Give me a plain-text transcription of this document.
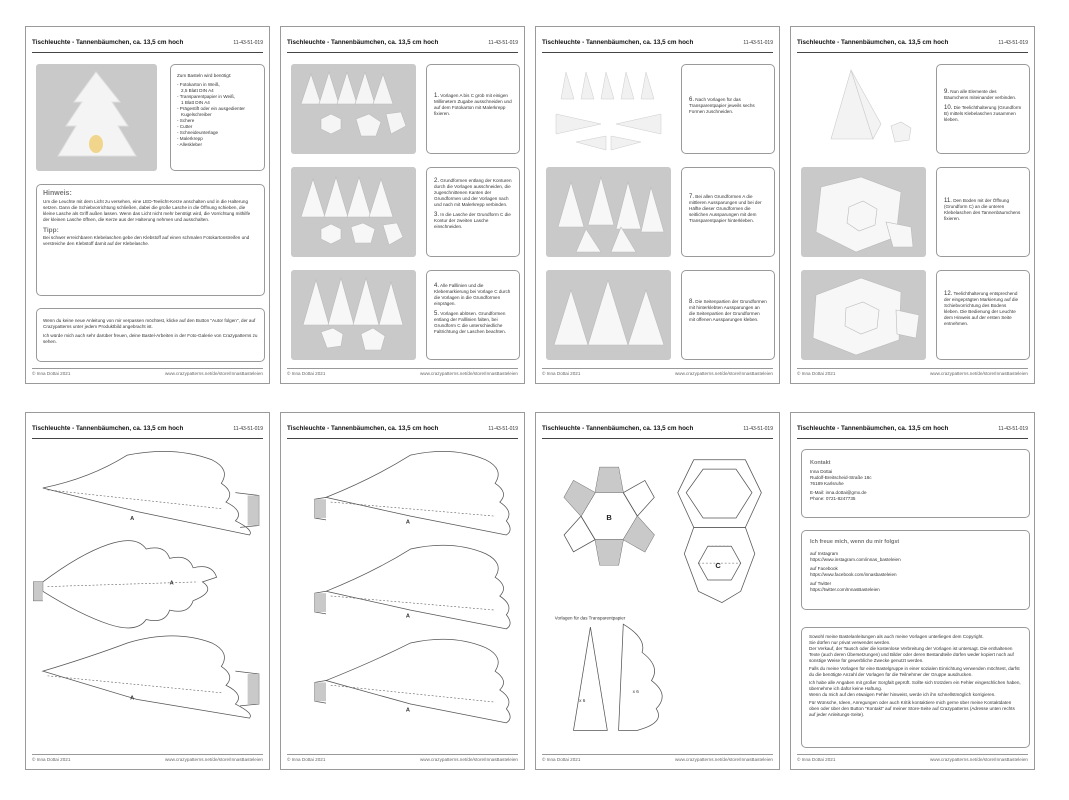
Tischleuchte - Tannenbäumchen, ca. 13,5 cm hoch	11-43-51-019
Zum Basteln wird benötigt:
- Fotokarton in Weiß,
2,5 Blatt DIN A4
- Transparentpapier in Weiß,
1 Blatt DIN A4
- Prägestift oder ein ausgedienter
Kugelschreiber
- Schere
- Cutter
- Schneideunterlage
- Malerkrepp
- Alleskleber
Hinweis:
Um die Leuchte mit dem Licht zu versehen, eine LED-Teelicht-Kerze anschalten und in die Halterung setzen. Dann die Schiebvorrichtung schließen, dabei die große Lasche in die Öffnung schieben, die kleine Lasche als Griff außen lassen. Wenn das Licht nicht mehr benötigt wird, die Vorrichtung mithilfe der kleinen Lasche öffnen, die Kerze aus der Halterung nehmen und ausschalten.
Tipp:
Bei schwer erreichbaren Klebelaschen gebe den Klebstoff auf einen schmalen Fotokartonstreifen und verstreiche den Klebstoff damit auf der Klebelasche.
Wenn du keine neue Anleitung von mir verpassen möchtest, klicke auf den Button "Autor folgen", der auf Crazypatterns unter jedem Produktbild angebracht ist.
Ich würde mich auch sehr darüber freuen, deine Bastel-Arbeiten in der Foto-Galerie von Crazypatterns zu sehen.
© Inna Dottai 2021	www.crazypatterns.net/de/store/InnasBasteleien
Tischleuchte - Tannenbäumchen, ca. 13,5 cm hoch	11-43-51-019
1. Vorlagen A bis C grob mit einigen Millimetern Zugabe ausschneiden und auf dem Fotokarton mit Malerkrepp fixieren.
2. Grundformen entlang der Konturen durch die Vorlagen ausschneiden, die zugeschnittenen Kanten der Grundformen und der Vorlagen nach und nach mit Malerkrepp verbinden.
3. In die Lasche der Grundform C die Kontur der zweiten Lasche einschneiden.
4. Alle Falllinien und die Klebemarkierung bei Vorlage C durch die Vorlagen in die Grundformen einprägen.
5. Vorlagen ablösen. Grundformen entlang der Falllinien falten, bei Grundform C die unterschiedliche Faltrichtung der Laschen beachten.
© Inna Dottai 2021	www.crazypatterns.net/de/store/InnasBasteleien
Tischleuchte - Tannenbäumchen, ca. 13,5 cm hoch	11-43-51-019
6. Nach Vorlagen für das Transparentpapier jeweils sechs Formen zuschneiden.
7. Bei allen Grundformen A die mittleren Aussparungen und bei der Hälfte dieser Grundformen die seitlichen Aussparungen mit dem Transparentpapier hinterkleben.
8. Die Seitenpartien der Grundformen mit hinterklebten Aussparungen an die Seitenpartien der Grundformen mit offenen Aussparungen kleben.
© Inna Dottai 2021	www.crazypatterns.net/de/store/InnasBasteleien
Tischleuchte - Tannenbäumchen, ca. 13,5 cm hoch	11-43-51-019
9. Nun alle Elemente des Bäumchens miteinander verbinden.
10. Die Teelichthalterung (Grundform B) mittels Klebelaschen zusammen kleben.
11. Den Boden mit der Öffnung (Grundform C) an die unteren Klebelaschen des Tannenbäumchens fixieren.
12. Teelichthalterung entsprechend der eingeprägten Markierung auf die Schiebvorrichtung des Bodens kleben. Die Bedienung der Leuchte dem Hinweis auf der ersten Seite entnehmen.
© Inna Dottai 2021	www.crazypatterns.net/de/store/InnasBasteleien
Tischleuchte - Tannenbäumchen, ca. 13,5 cm hoch	11-43-51-019
A
A
A
© Inna Dottai 2021	www.crazypatterns.net/de/store/InnasBasteleien
Tischleuchte - Tannenbäumchen, ca. 13,5 cm hoch	11-43-51-019
A
A
A
© Inna Dottai 2021	www.crazypatterns.net/de/store/InnasBasteleien
Tischleuchte - Tannenbäumchen, ca. 13,5 cm hoch	11-43-51-019
B
C
Vorlagen für das Transparentpapier
x 6
x 6
© Inna Dottai 2021	www.crazypatterns.net/de/store/InnasBasteleien
Tischleuchte - Tannenbäumchen, ca. 13,5 cm hoch	11-43-51-019
Kontakt
Inna Dottai
Rudolf-Breitscheid-Straße 18c
76189 Karlsruhe
E-Mail: inna.dottai@gmx.de
Phone: 0721-8247735
Ich freue mich, wenn du mir folgst
auf Instagram
https://www.instagram.com/innas_basteleien
auf Facebook
https://www.facebook.com/innasbasteleien
auf Twitter
https://twitter.com/InnasBasteleien
Sowohl meine Bastelanleitungen als auch meine Vorlagen unterliegen dem Copyright.
Sie dürfen nur privat verwendet werden.
Der Verkauf, der Tausch oder die kostenlose Verbreitung der Vorlagen ist untersagt. Die enthaltenen Texte (auch deren Übersetzungen) und Bilder oder deren Bestandteile dürfen weder kopiert noch auf sonstige Weise für gewerbliche Zwecke genutzt werden.
Falls du meine Vorlagen für eine Bastelgruppe in einer sozialen Einrichtung verwenden möchtest, darfst du die benötigte Anzahl der Vorlagen für die Teilnehmer der Gruppe ausdrucken.
Ich habe alle Angaben mit großer Sorgfalt geprüft. Sollte sich trotzdem ein Fehler eingeschlichen haben, übernehme ich dafür keine Haftung.
Wenn du mich auf den etwaigen Fehler hinweist, werde ich ihn schnellstmöglich korrigieren.
Für Wünsche, Ideen, Anregungen oder auch Kritik kontaktiere mich gerne über meine Kontaktdaten oben oder über den Button "Kontakt" auf meiner Store-Seite auf Crazypatterns (Adresse unten rechts auf jeder Anleitungs-Seite).
© Inna Dottai 2021	www.crazypatterns.net/de/store/InnasBasteleien
